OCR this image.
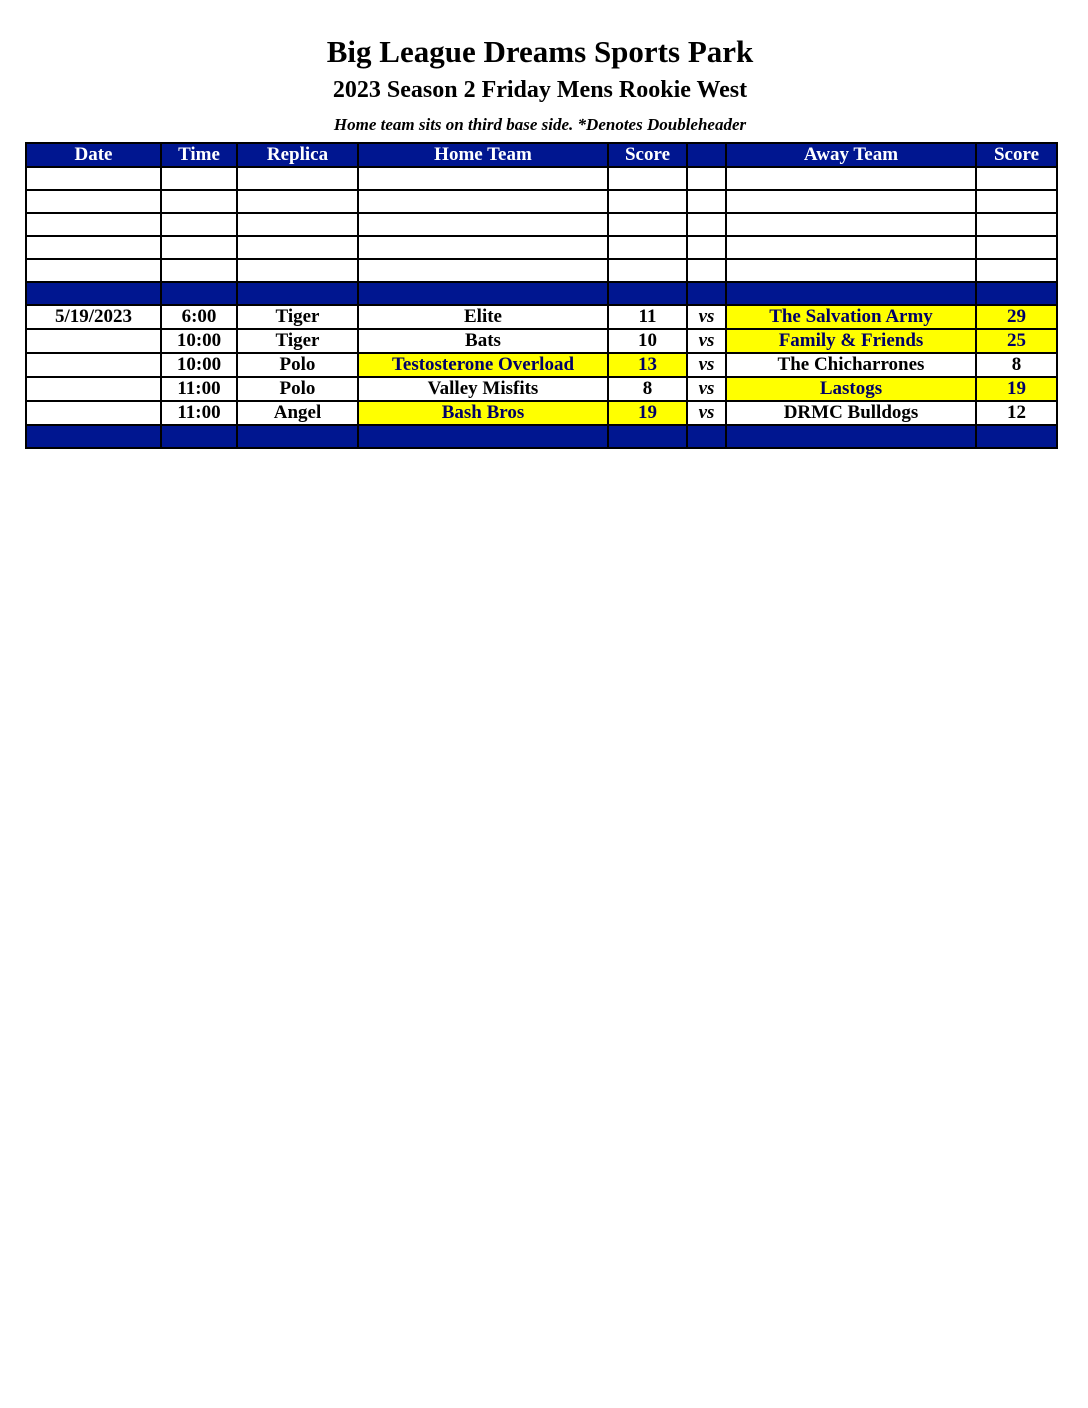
Big League Dreams Sports Park
2023 Season 2 Friday Mens Rookie West
Home team sits on third base side. *Denotes Doubleheader
Date	Time	Replica	Home Team	Score		Away Team	Score

5/19/2023	6:00	Tiger	Elite	11	vs	The Salvation Army	29
	10:00	Tiger	Bats	10	vs	Family & Friends	25
	10:00	Polo	Testosterone Overload	13	vs	The Chicharrones	8
	11:00	Polo	Valley Misfits	8	vs	Lastogs	19
	11:00	Angel	Bash Bros	19	vs	DRMC Bulldogs	12
